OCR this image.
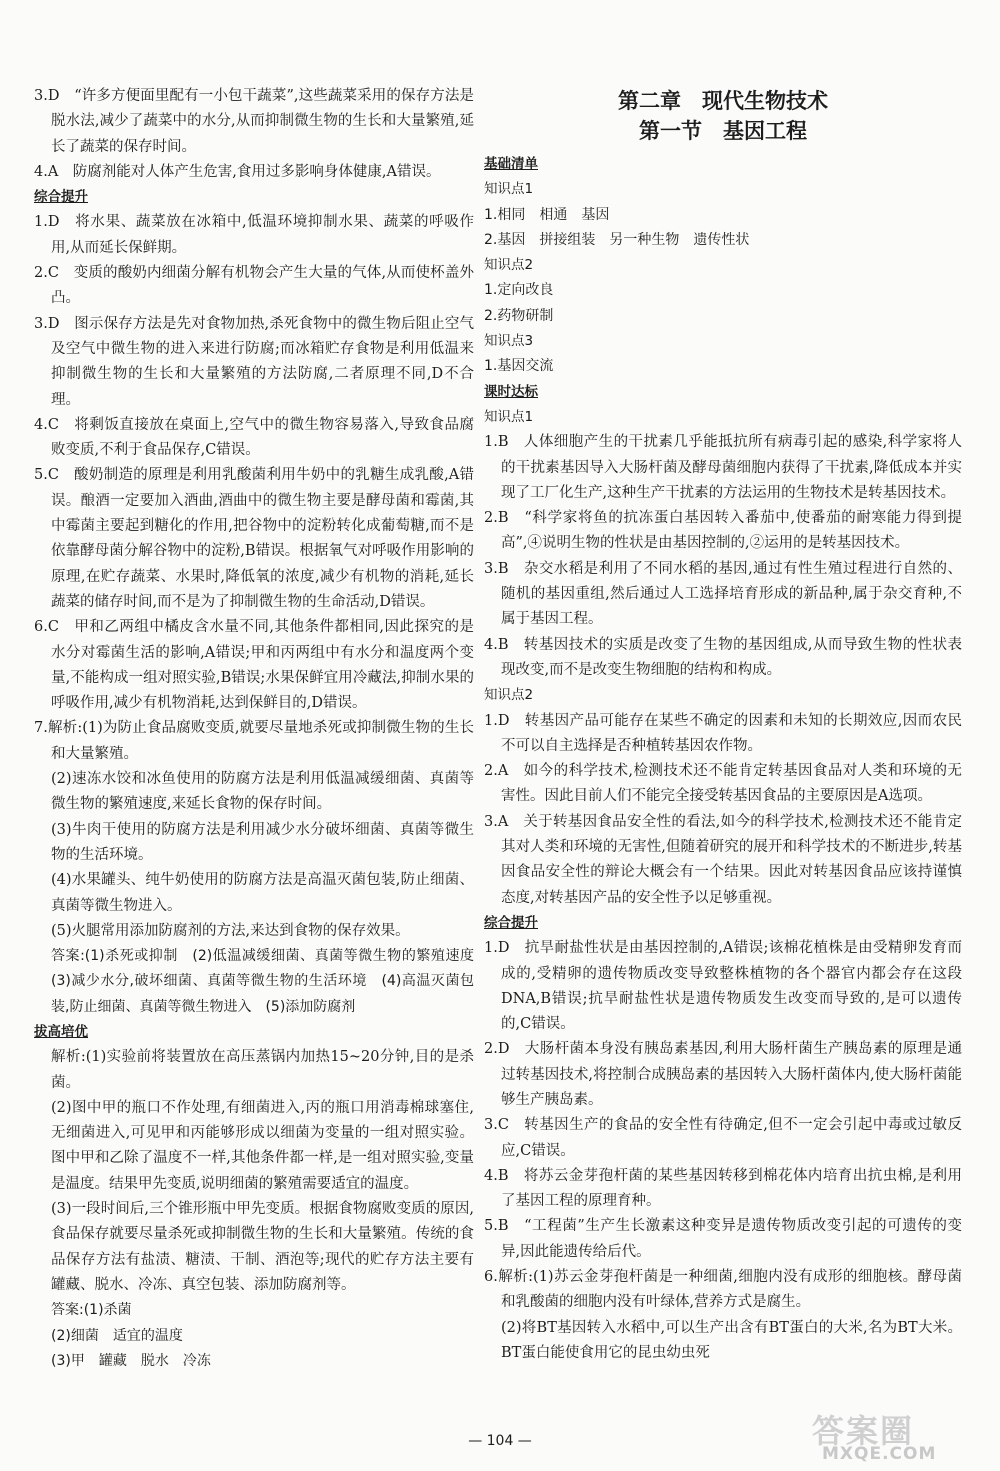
3.D　“许多方便面里配有一小包干蔬菜”,这些蔬菜采用的保存方法是脱水法,减少了蔬菜中的水分,从而抑制微生物的生长和大量繁殖,延长了蔬菜的保存时间。

4.A　防腐剂能对人体产生危害,食用过多影响身体健康,A错误。

综合提升

1.D　将水果、蔬菜放在冰箱中,低温环境抑制水果、蔬菜的呼吸作用,从而延长保鲜期。

2.C　变质的酸奶内细菌分解有机物会产生大量的气体,从而使杯盖外凸。

3.D　图示保存方法是先对食物加热,杀死食物中的微生物后阻止空气及空气中微生物的进入来进行防腐;而冰箱贮存食物是利用低温来抑制微生物的生长和大量繁殖的方法防腐,二者原理不同,D不合理。

4.C　将剩饭直接放在桌面上,空气中的微生物容易落入,导致食品腐败变质,不利于食品保存,C错误。

5.C　酸奶制造的原理是利用乳酸菌利用牛奶中的乳糖生成乳酸,A错误。酿酒一定要加入酒曲,酒曲中的微生物主要是酵母菌和霉菌,其中霉菌主要起到糖化的作用,把谷物中的淀粉转化成葡萄糖,而不是依靠酵母菌分解谷物中的淀粉,B错误。根据氧气对呼吸作用影响的原理,在贮存蔬菜、水果时,降低氧的浓度,减少有机物的消耗,延长蔬菜的储存时间,而不是为了抑制微生物的生命活动,D错误。

6.C　甲和乙两组中橘皮含水量不同,其他条件都相同,因此探究的是水分对霉菌生活的影响,A错误;甲和丙两组中有水分和温度两个变量,不能构成一组对照实验,B错误;水果保鲜宜用冷藏法,抑制水果的呼吸作用,减少有机物消耗,达到保鲜目的,D错误。

7.解析:(1)为防止食品腐败变质,就要尽量地杀死或抑制微生物的生长和大量繁殖。

(2)速冻水饺和冰鱼使用的防腐方法是利用低温减缓细菌、真菌等微生物的繁殖速度,来延长食物的保存时间。

(3)牛肉干使用的防腐方法是利用减少水分破坏细菌、真菌等微生物的生活环境。

(4)水果罐头、纯牛奶使用的防腐方法是高温灭菌包装,防止细菌、真菌等微生物进入。

(5)火腿常用添加防腐剂的方法,来达到食物的保存效果。

答案:(1)杀死或抑制　(2)低温减缓细菌、真菌等微生物的繁殖速度　(3)减少水分,破坏细菌、真菌等微生物的生活环境　(4)高温灭菌包装,防止细菌、真菌等微生物进入　(5)添加防腐剂

拔高培优

解析:(1)实验前将装置放在高压蒸锅内加热15~20分钟,目的是杀菌。

(2)图中甲的瓶口不作处理,有细菌进入,丙的瓶口用消毒棉球塞住,无细菌进入,可见甲和丙能够形成以细菌为变量的一组对照实验。图中甲和乙除了温度不一样,其他条件都一样,是一组对照实验,变量是温度。结果甲先变质,说明细菌的繁殖需要适宜的温度。

(3)一段时间后,三个锥形瓶中甲先变质。根据食物腐败变质的原因,食品保存就要尽量杀死或抑制微生物的生长和大量繁殖。传统的食品保存方法有盐渍、糖渍、干制、酒泡等;现代的贮存方法主要有罐藏、脱水、冷冻、真空包装、添加防腐剂等。

答案:(1)杀菌

(2)细菌　适宜的温度

(3)甲　罐藏　脱水　冷冻

第二章　现代生物技术

第一节　基因工程

基础清单

知识点1

1.相同　相通　基因

2.基因　拼接组装　另一种生物　遗传性状

知识点2

1.定向改良

2.药物研制

知识点3

1.基因交流

课时达标

知识点1

1.B　人体细胞产生的干扰素几乎能抵抗所有病毒引起的感染,科学家将人的干扰素基因导入大肠杆菌及酵母菌细胞内获得了干扰素,降低成本并实现了工厂化生产,这种生产干扰素的方法运用的生物技术是转基因技术。

2.B　“科学家将鱼的抗冻蛋白基因转入番茄中,使番茄的耐寒能力得到提高”,④说明生物的性状是由基因控制的,②运用的是转基因技术。

3.B　杂交水稻是利用了不同水稻的基因,通过有性生殖过程进行自然的、随机的基因重组,然后通过人工选择培育形成的新品种,属于杂交育种,不属于基因工程。

4.B　转基因技术的实质是改变了生物的基因组成,从而导致生物的性状表现改变,而不是改变生物细胞的结构和构成。

知识点2

1.D　转基因产品可能存在某些不确定的因素和未知的长期效应,因而农民不可以自主选择是否种植转基因农作物。

2.A　如今的科学技术,检测技术还不能肯定转基因食品对人类和环境的无害性。因此目前人们不能完全接受转基因食品的主要原因是A选项。

3.A　关于转基因食品安全性的看法,如今的科学技术,检测技术还不能肯定其对人类和环境的无害性,但随着研究的展开和科学技术的不断进步,转基因食品安全性的辩论大概会有一个结果。因此对转基因食品应该持谨慎态度,对转基因产品的安全性予以足够重视。

综合提升

1.D　抗旱耐盐性状是由基因控制的,A错误;该棉花植株是由受精卵发育而成的,受精卵的遗传物质改变导致整株植物的各个器官内都会存在这段DNA,B错误;抗旱耐盐性状是遗传物质发生改变而导致的,是可以遗传的,C错误。

2.D　大肠杆菌本身没有胰岛素基因,利用大肠杆菌生产胰岛素的原理是通过转基因技术,将控制合成胰岛素的基因转入大肠杆菌体内,使大肠杆菌能够生产胰岛素。

3.C　转基因生产的食品的安全性有待确定,但不一定会引起中毒或过敏反应,C错误。

4.B　将苏云金芽孢杆菌的某些基因转移到棉花体内培育出抗虫棉,是利用了基因工程的原理育种。

5.B　“工程菌”生产生长激素这种变异是遗传物质改变引起的可遗传的变异,因此能遗传给后代。

6.解析:(1)苏云金芽孢杆菌是一种细菌,细胞内没有成形的细胞核。酵母菌和乳酸菌的细胞内没有叶绿体,营养方式是腐生。

(2)将BT基因转入水稻中,可以生产出含有BT蛋白的大米,名为BT大米。BT蛋白能使食用它的昆虫幼虫死

— 104 —	答案圈
MXQE.COM
